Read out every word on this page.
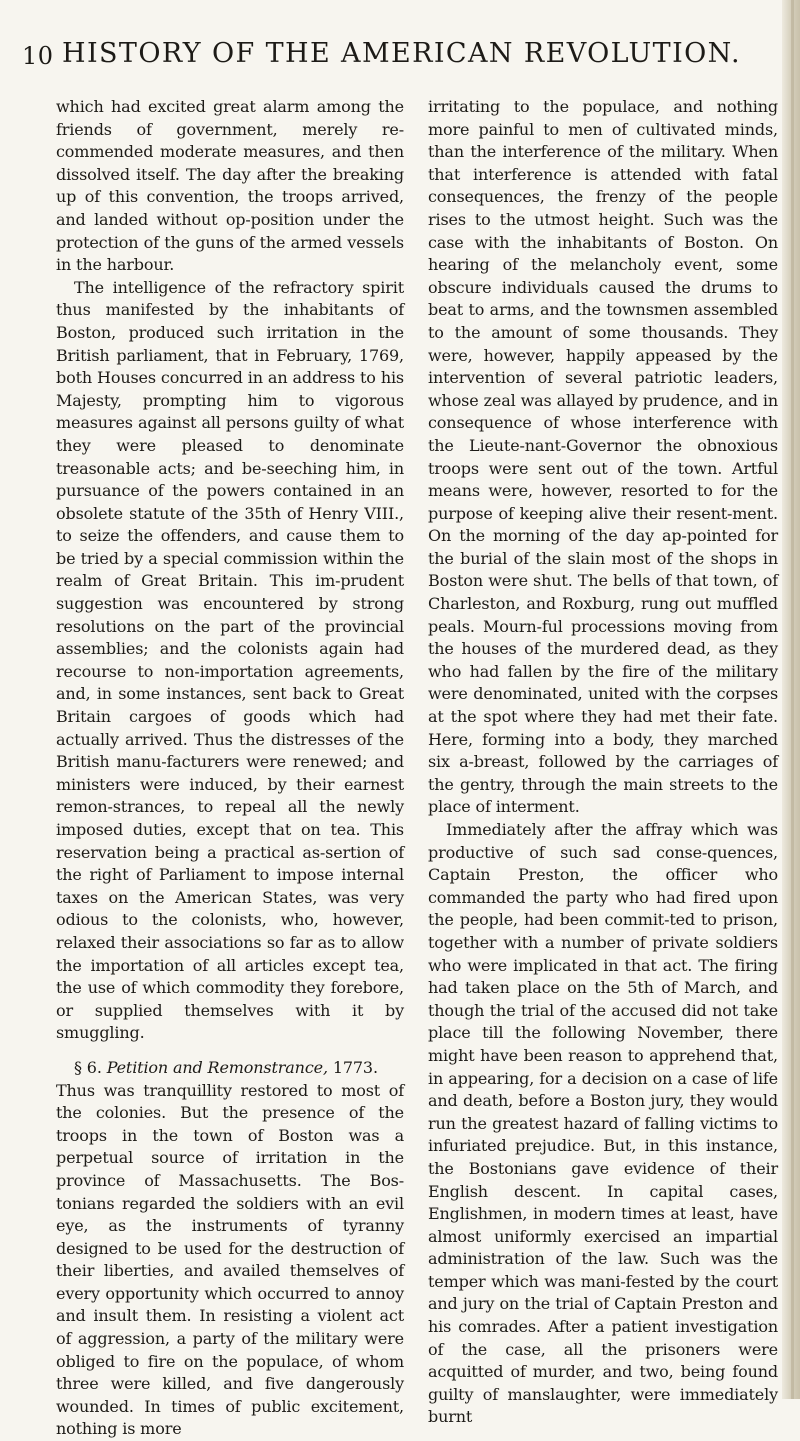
10 HISTORY OF THE AMERICAN REVOLUTION.

which had excited great alarm among the friends of government, merely re-commended moderate measures, and then dissolved itself. The day after the breaking up of this convention, the troops arrived, and landed without op-position under the protection of the guns of the armed vessels in the harbour.

The intelligence of the refractory spirit thus manifested by the inhabitants of Boston, produced such irritation in the British parliament, that in February, 1769, both Houses concurred in an address to his Majesty, prompting him to vigorous measures against all persons guilty of what they were pleased to denominate treasonable acts; and be-seeching him, in pursuance of the powers contained in an obsolete statute of the 35th of Henry VIII., to seize the offenders, and cause them to be tried by a special commission within the realm of Great Britain. This im-prudent suggestion was encountered by strong resolutions on the part of the provincial assemblies; and the colonists again had recourse to non-importation agreements, and, in some instances, sent back to Great Britain cargoes of goods which had actually arrived. Thus the distresses of the British manu-facturers were renewed; and ministers were induced, by their earnest remon-strances, to repeal all the newly imposed duties, except that on tea. This reservation being a practical as-sertion of the right of Parliament to impose internal taxes on the American States, was very odious to the colonists, who, however, relaxed their associations so far as to allow the importation of all articles except tea, the use of which commodity they forebore, or supplied themselves with it by smuggling.

§ 6. Petition and Remonstrance, 1773.

Thus was tranquillity restored to most of the colonies. But the presence of the troops in the town of Boston was a perpetual source of irritation in the province of Massachusetts. The Bos-tonians regarded the soldiers with an evil eye, as the instruments of tyranny designed to be used for the destruction of their liberties, and availed themselves of every opportunity which occurred to annoy and insult them. In resisting a violent act of aggression, a party of the military were obliged to fire on the populace, of whom three were killed, and five dangerously wounded. In times of public excitement, nothing is more

irritating to the populace, and nothing more painful to men of cultivated minds, than the interference of the military. When that interference is attended with fatal consequences, the frenzy of the people rises to the utmost height. Such was the case with the inhabitants of Boston. On hearing of the melancholy event, some obscure individuals caused the drums to beat to arms, and the townsmen assembled to the amount of some thousands. They were, however, happily appeased by the intervention of several patriotic leaders, whose zeal was allayed by prudence, and in consequence of whose interference with the Lieute-nant-Governor the obnoxious troops were sent out of the town. Artful means were, however, resorted to for the purpose of keeping alive their resent-ment. On the morning of the day ap-pointed for the burial of the slain most of the shops in Boston were shut. The bells of that town, of Charleston, and Roxburg, rung out muffled peals. Mourn-ful processions moving from the houses of the murdered dead, as they who had fallen by the fire of the military were denominated, united with the corpses at the spot where they had met their fate. Here, forming into a body, they marched six a-breast, followed by the carriages of the gentry, through the main streets to the place of interment.

Immediately after the affray which was productive of such sad conse-quences, Captain Preston, the officer who commanded the party who had fired upon the people, had been commit-ted to prison, together with a number of private soldiers who were implicated in that act. The firing had taken place on the 5th of March, and though the trial of the accused did not take place till the following November, there might have been reason to apprehend that, in appearing, for a decision on a case of life and death, before a Boston jury, they would run the greatest hazard of falling victims to infuriated prejudice. But, in this instance, the Bostonians gave evidence of their English descent. In capital cases, Englishmen, in modern times at least, have almost uniformly exercised an impartial administration of the law. Such was the temper which was mani-fested by the court and jury on the trial of Captain Preston and his comrades. After a patient investigation of the case, all the prisoners were acquitted of murder, and two, being found guilty of manslaughter, were immediately burnt
